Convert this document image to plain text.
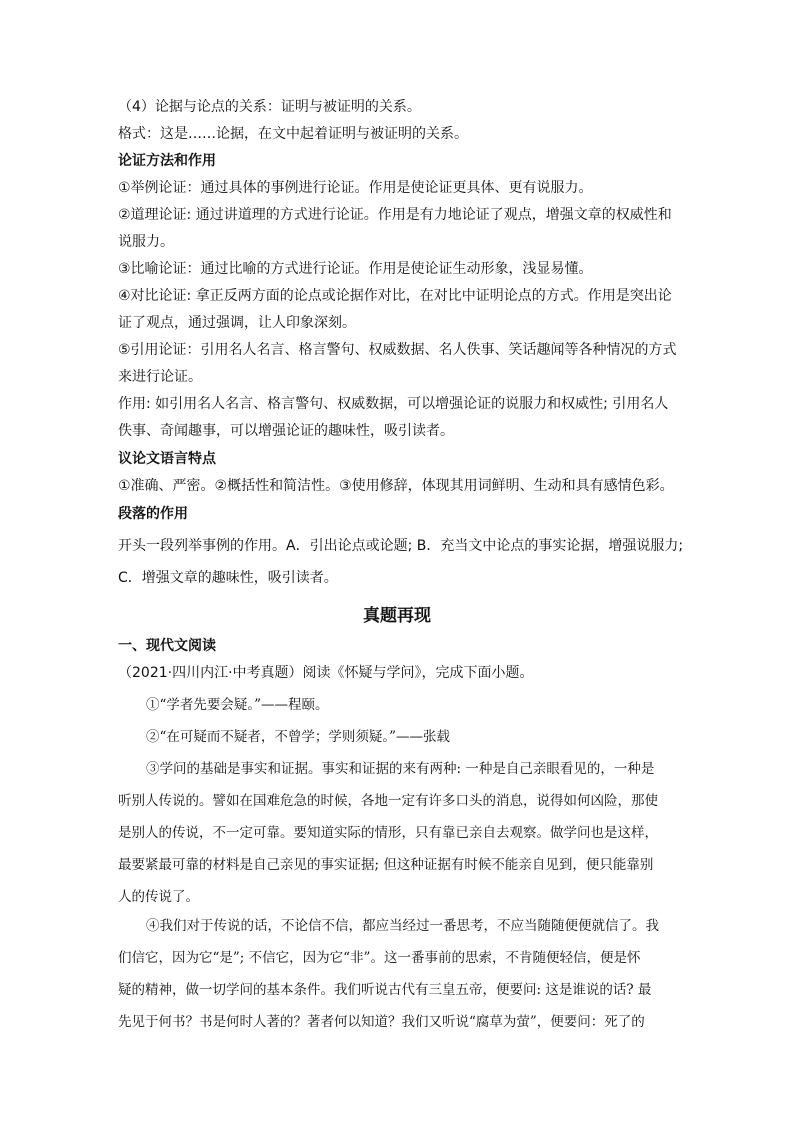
（4）论据与论点的关系：证明与被证明的关系。
格式：这是……论据，在文中起着证明与被证明的关系。
论证方法和作用
①举例论证：通过具体的事例进行论证。作用是使论证更具体、更有说服力。
②道理论证: 通过讲道理的方式进行论证。作用是有力地论证了观点，增强文章的权威性和
说服力。
③比喻论证：通过比喻的方式进行论证。作用是使论证生动形象，浅显易懂。
④对比论证: 拿正反两方面的论点或论据作对比，在对比中证明论点的方式。作用是突出论
证了观点，通过强调，让人印象深刻。
⑤引用论证：引用名人名言、格言警句、权威数据、名人佚事、笑话趣闻等各种情况的方式
来进行论证。
作用: 如引用名人名言、格言警句、权威数据，可以增强论证的说服力和权威性; 引用名人
佚事、奇闻趣事，可以增强论证的趣味性，吸引读者。
议论文语言特点
①准确、严密。②概括性和简洁性。③使用修辞，体现其用词鲜明、生动和具有感情色彩。
段落的作用
开头一段列举事例的作用。A．引出论点或论题; B．充当文中论点的事实论据，增强说服力;
C．增强文章的趣味性，吸引读者。
真题再现
一、现代文阅读
（2021·四川内江·中考真题）阅读《怀疑与学问》，完成下面小题。
①“学者先要会疑。”——程颐。
②“在可疑而不疑者，不曾学；学则须疑。”——张载
③学问的基础是事实和证据。事实和证据的来有两种: 一种是自己亲眼看见的，一种是
听别人传说的。譬如在国难危急的时候，各地一定有许多口头的消息，说得如何凶险，那使
是别人的传说，不一定可靠。要知道实际的情形，只有靠已亲自去观察。做学问也是这样，
最要紧最可靠的材料是自己亲见的事实证据; 但这种证据有时候不能亲自见到，便只能靠别
人的传说了。
④我们对于传说的话，不论信不信，都应当经过一番思考，不应当随随便便就信了。我
们信它，因为它“是”; 不信它，因为它“非”。这一番事前的思索，不肯随便轻信，便是怀
疑的精神，做一切学问的基本条件。我们听说古代有三皇五帝，便要问: 这是谁说的话? 最
先见于何书？书是何时人著的？著者何以知道？我们又听说“腐草为萤”，便要问：死了的
